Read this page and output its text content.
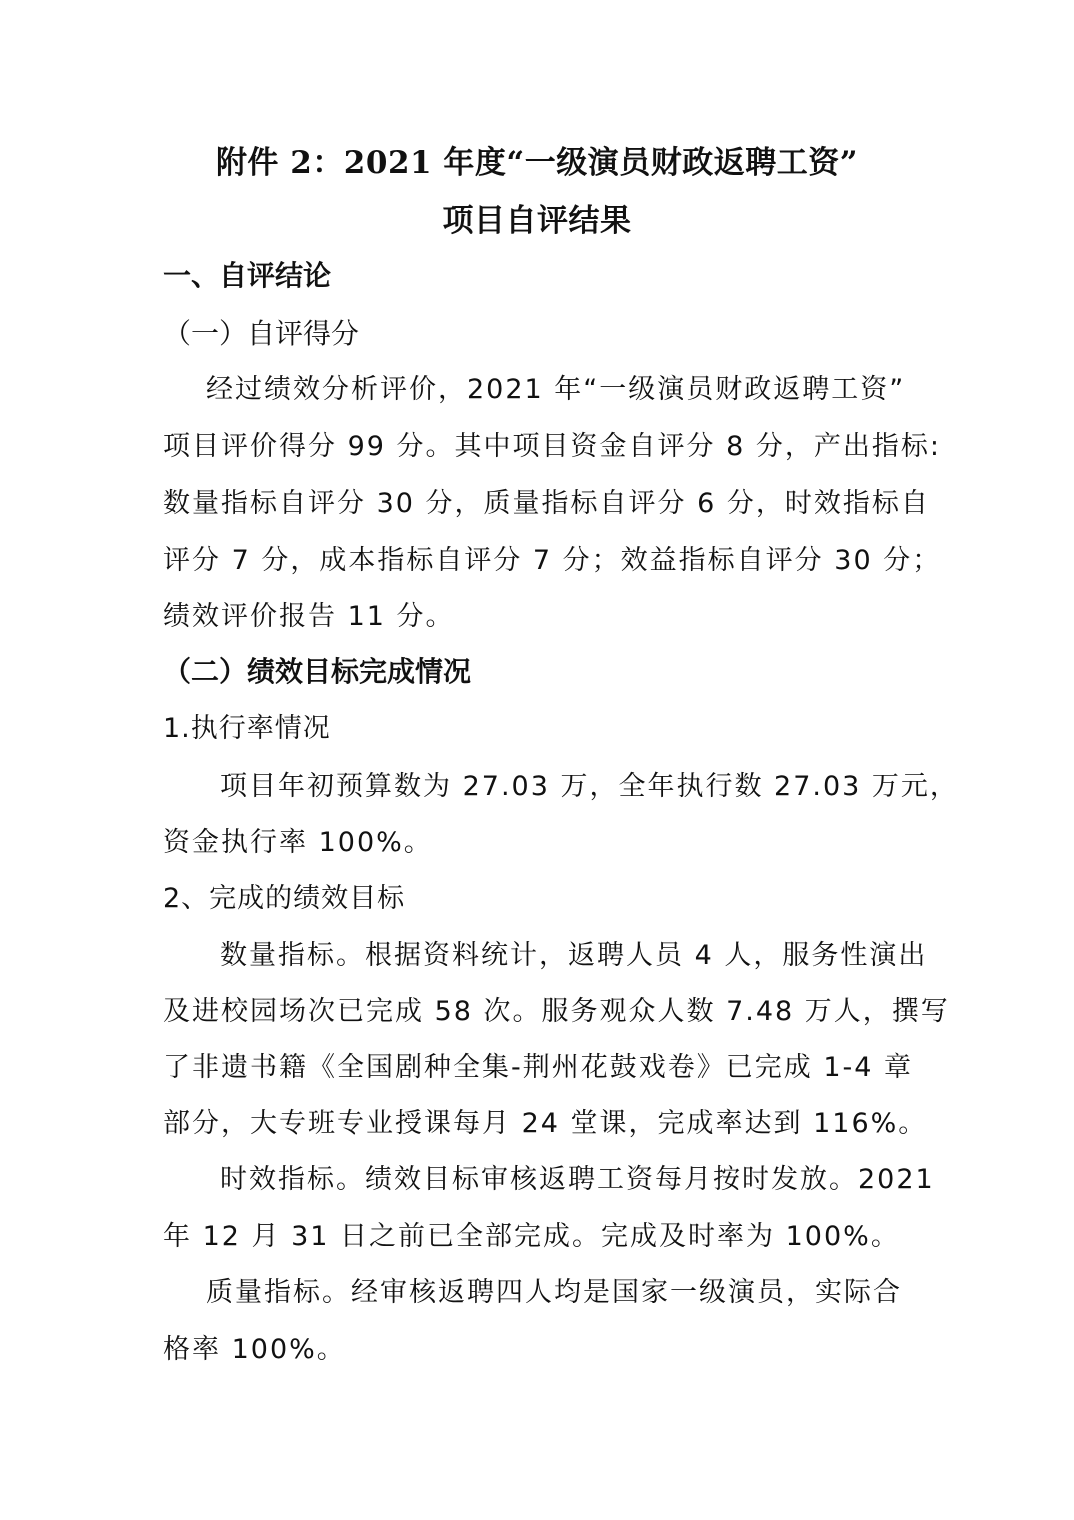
附件 2：2021 年度“一级演员财政返聘工资”
项目自评结果
一、自评结论
（一）自评得分
经过绩效分析评价，2021 年“一级演员财政返聘工资”
项目评价得分 99 分。其中项目资金自评分 8 分，产出指标:
数量指标自评分 30 分，质量指标自评分 6 分，时效指标自
评分 7 分，成本指标自评分 7 分；效益指标自评分 30 分；
绩效评价报告 11 分。
（二）绩效目标完成情况
1.执行率情况
项目年初预算数为 27.03 万，全年执行数 27.03 万元，
资金执行率 100%。
2、完成的绩效目标
数量指标。根据资料统计，返聘人员 4 人，服务性演出
及进校园场次已完成 58 次。服务观众人数 7.48 万人，撰写
了非遗书籍《全国剧种全集-荆州花鼓戏卷》已完成 1-4 章
部分，大专班专业授课每月 24 堂课，完成率达到 116%。
时效指标。绩效目标审核返聘工资每月按时发放。2021
年 12 月 31 日之前已全部完成。完成及时率为 100%。
质量指标。经审核返聘四人均是国家一级演员，实际合
格率 100%。
